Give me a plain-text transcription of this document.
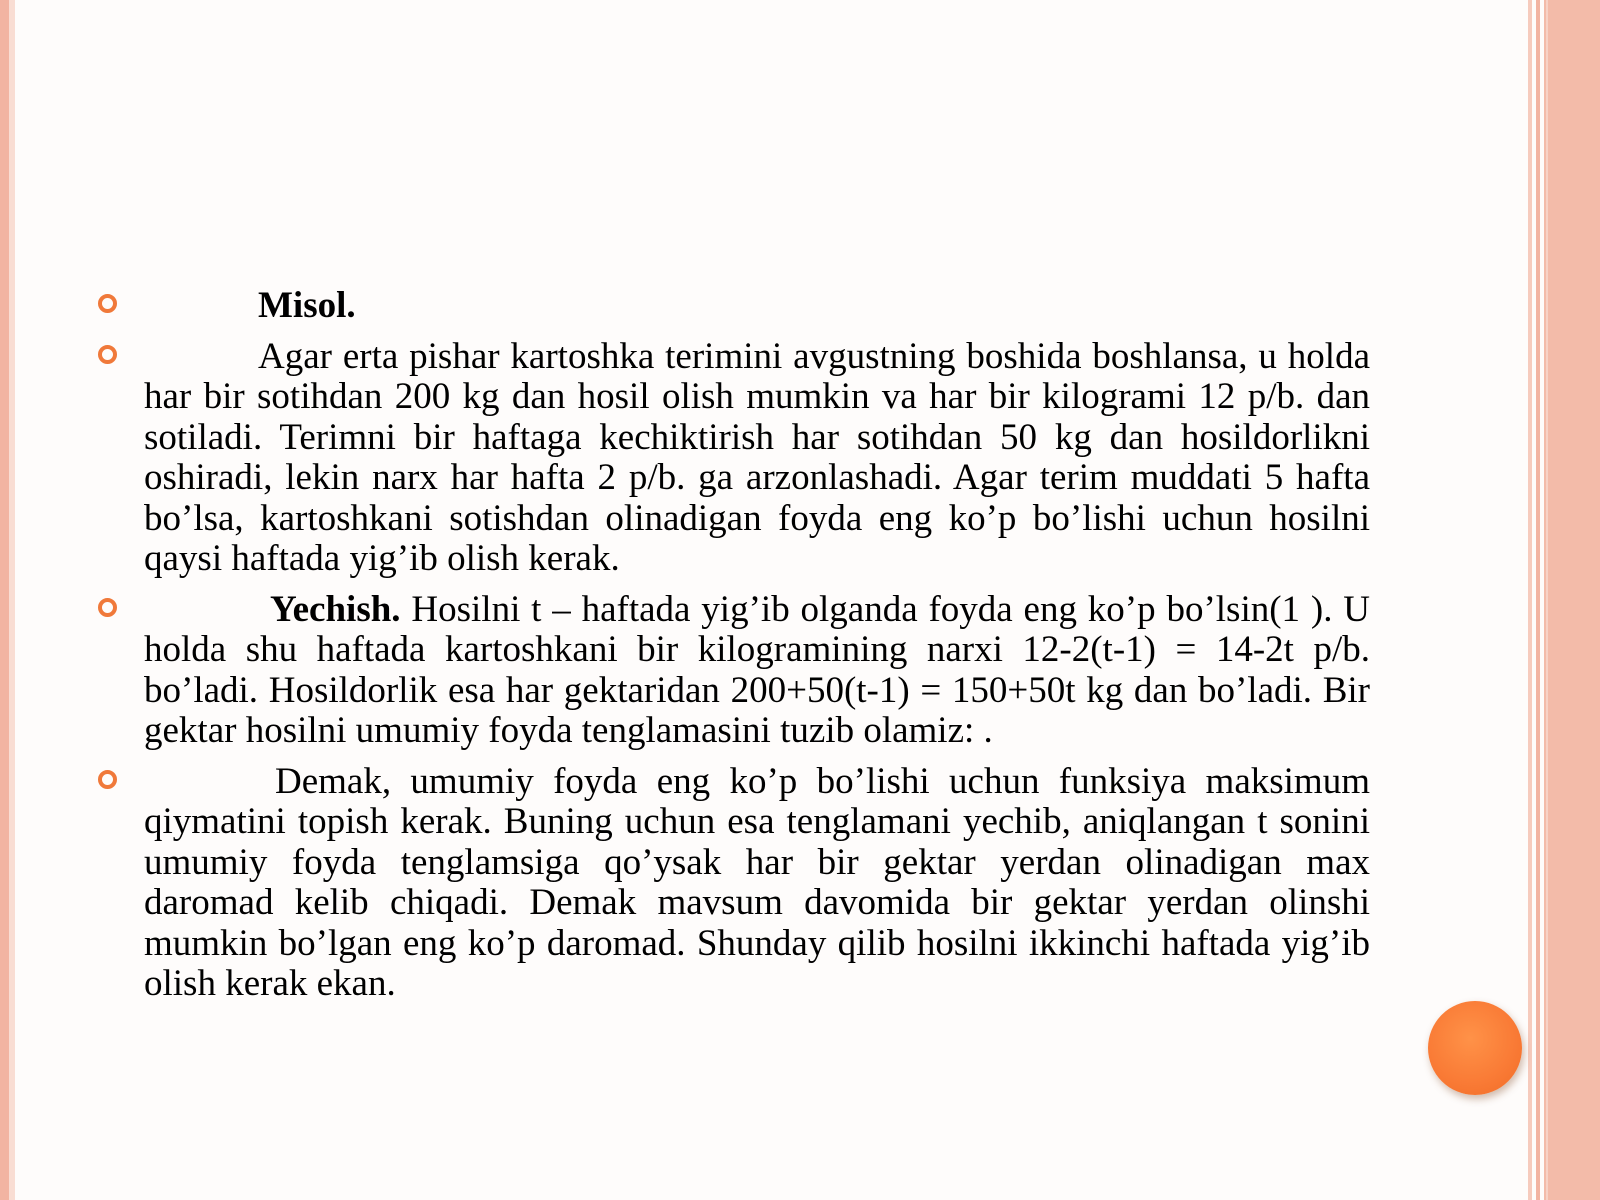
Misol.
Agar erta pishar kartoshka terimini avgustning boshida boshlansa, u holda har bir sotihdan 200 kg dan hosil olish mumkin va har bir kilogrami 12 p/b. dan sotiladi. Terimni bir haftaga kechiktirish har sotihdan 50 kg dan hosildorlikni oshiradi, lekin narx har hafta 2 p/b. ga arzonlashadi. Agar terim muddati 5 hafta bo’lsa, kartoshkani sotishdan olinadigan foyda eng ko’p bo’lishi uchun hosilni qaysi haftada yig’ib olish kerak.
Yechish. Hosilni t – haftada yig’ib olganda foyda eng ko’p bo’lsin(1 ). U holda shu haftada kartoshkani bir kilogramining narxi 12-2(t-1) = 14-2t p/b. bo’ladi. Hosildorlik esa har gektaridan 200+50(t-1) = 150+50t kg dan bo’ladi. Bir gektar hosilni umumiy foyda tenglamasini tuzib olamiz: .
Demak, umumiy foyda eng ko’p bo’lishi uchun funksiya maksimum qiymatini topish kerak. Buning uchun esa tenglamani yechib, aniqlangan t sonini umumiy foyda tenglamsiga qo’ysak har bir gektar yerdan olinadigan max daromad kelib chiqadi. Demak mavsum davomida bir gektar yerdan olinshi mumkin bo’lgan eng ko’p daromad. Shunday qilib hosilni ikkinchi haftada yig’ib olish kerak ekan.
